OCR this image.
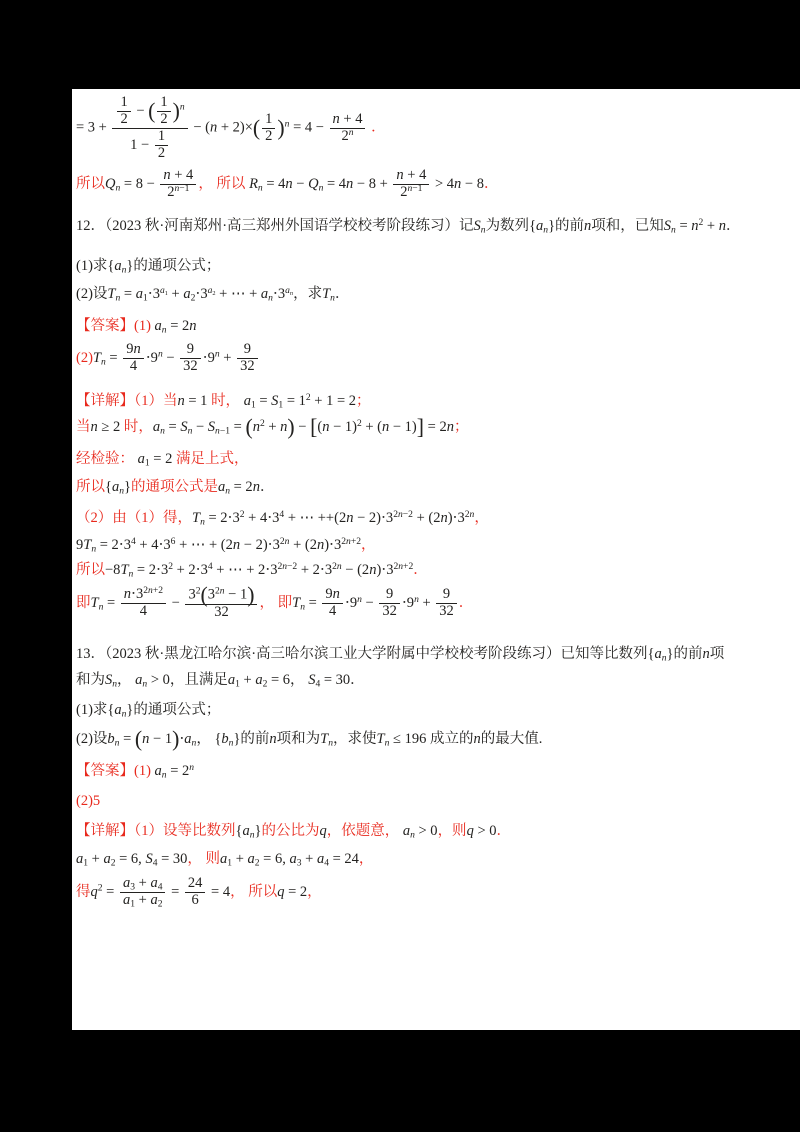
= $3 + \frac{\frac{1}{2} - ( \frac{1}{2} )^n}{1 - \frac{1}{2}} - (n + 2)\times( \frac{1}{2} )^n = 4 - \frac{n + 4}{2^n}$ ．
所以$Q_n = 8 - \frac{n + 4}{2^{n-1}}$ ， 所以 $R_n = 4n - Q_n = 4n - 8 + \frac{n + 4}{2^{n-1}} > 4n - 8$．
12．（2023 秋·河南郑州·高三郑州外国语学校校考阶段练习）记$S_n$为数列$\{a_n\}$的前n项和，已知$S_n = n^2 + n$．
(1)求$\{a_n\}$的通项公式；
(2)设$T_n = a_1\cdot 3^{a_1} + a_2\cdot 3^{a_2}$ + ⋯ + $a_n\cdot 3^{a_n}$，求$T_n$．
【答案】(1) $a_n = 2n$
$(2)T_n = \frac{9n}{4} \cdot 9^n - \frac{9}{32} \cdot 9^n + \frac{9}{32}$
【详解】（1）当n = 1 时， $a_1 = S_1 = 1^2 + 1 = 2$；
当n ≥ 2 时，$a_n = S_n - S_{n-1} = (n^2 + n) - [(n - 1)^2 + (n - 1)] = 2n$；
经检验： $a_1 = 2$ 满足上式，
所以$\{a_n\}$的通项公式是$a_n = 2n$．
（2）由（1）得，$T_n = 2\cdot 3^2 + 4\cdot 3^4$ + ⋯ $++(2n - 2)\cdot 3^{2n-2} + (2n)\cdot 3^{2n}$，
$9T_n = 2\cdot 3^4 + 4\cdot 3^6$ + ⋯ + $(2n - 2)\cdot 3^{2n} + (2n)\cdot 3^{2n+2}$，
所以$-8T_n = 2\cdot 3^2 + 2\cdot 3^4$ + ⋯ + $2\cdot 3^{2n-2} + 2\cdot 3^{2n} - (2n)\cdot 3^{2n+2}$．
即$T_n = \frac{n\cdot 3^{2n+2}}{4} - \frac{3^2(3^{2n} - 1)}{32}$ ， 即$T_n = \frac{9n}{4} \cdot 9^n - \frac{9}{32} \cdot 9^n + \frac{9}{32}$ ．
13．（2023 秋·黑龙江哈尔滨·高三哈尔滨工业大学附属中学校校考阶段练习）已知等比数列$\{a_n\}$的前n项
和为$S_n$， $a_n > 0$，且满足$a_1 + a_2 = 6$， $S_4 = 30$．
(1)求$\{a_n\}$的通项公式；
(2)设$b_n = (n - 1)\cdot a_n$， $\{b_n\}$的前n项和为$T_n$，求使$T_n \le 196$ 成立的n的最大值.
【答案】(1) $a_n = 2^n$
(2)5
【详解】（1）设等比数列$\{a_n\}$的公比为q，依题意， $a_n > 0$，则q > 0．
$a_1 + a_2 = 6$, $S_4 = 30$， 则$a_1 + a_2 = 6$, $a_3 + a_4 = 24$，
得$q^2 = \frac{a_3 + a_4}{a_1 + a_2} = \frac{24}{6} = 4$， 所以q = 2，
